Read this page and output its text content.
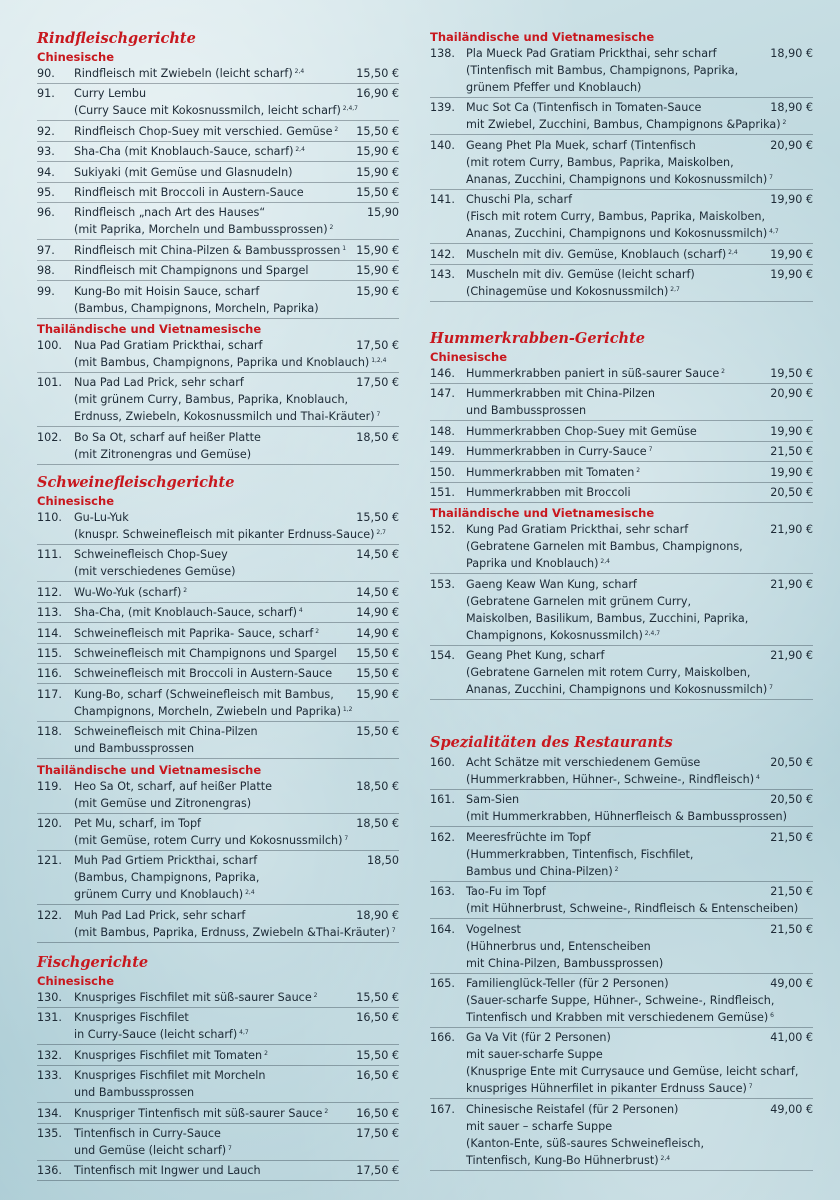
Rindfleischgerichte
Chinesische
90. Rindfleisch mit Zwiebeln (leicht scharf) $^{2,4}$	15,50 €
91. Curry Lembu
(Curry Sauce mit Kokosnussmilch, leicht scharf) $^{2,4,7}$
16,90 €
92. Rindfleisch Chop-Suey mit verschied. Gemüse $^2$ 15,50 €
93. Sha-Cha (mit Knoblauch-Sauce, scharf) $^{2,4}$	15,90 €
94. Sukiyaki (mit Gemüse und Glasnudeln)	15,90 €
95. Rindfleisch mit Broccoli in Austern-Sauce	15,50 €
96. Rindfleisch „nach Art des Hauses“
(mit Paprika, Morcheln und Bambussprossen) $^2$
15,90
97. Rindfleisch mit China-Pilzen & Bambussprossen $^1$ 15,90 €
98. Rindfleisch mit Champignons und Spargel	15,90 €
99. Kung-Bo mit Hoisin Sauce, scharf
(Bambus, Champignons, Morcheln, Paprika)
15,90 €
Thailändische und Vietnamesische
100. Nua Pad Gratiam Prickthai, scharf
(mit Bambus, Champignons, Paprika und Knoblauch) $^{1,2,4}$
17,50 €
101. Nua Pad Lad Prick, sehr scharf
(mit grünem Curry, Bambus, Paprika, Knoblauch,
Erdnuss, Zwiebeln, Kokosnussmilch und Thai-Kräuter) $^7$
17,50 €
102. Bo Sa Ot, scharf auf heißer Platte
(mit Zitronengras und Gemüse)
18,50 €
Schweinefleischgerichte
Chinesische
110. Gu-Lu-Yuk
(knuspr. Schweinefleisch mit pikanter Erdnuss-Sauce) $^{2,7}$
15,50 €
111. Schweinefleisch Chop-Suey
(mit verschiedenes Gemüse)
14,50 €
112. Wu-Wo-Yuk (scharf) $^2$	14,50 €
113. Sha-Cha, (mit Knoblauch-Sauce, scharf) $^4$	14,90 €
114. Schweinefleisch mit Paprika- Sauce, scharf $^2$	14,90 €
115. Schweinefleisch mit Champignons und Spargel 15,50 €
116. Schweinefleisch mit Broccoli in Austern-Sauce 15,50 €
117. Kung-Bo, scharf (Schweinefleisch mit Bambus,
Champignons, Morcheln, Zwiebeln und Paprika) $^{1,2}$
15,90 €
118. Schweinefleisch mit China-Pilzen
und Bambussprossen
15,50 €
Thailändische und Vietnamesische
119. Heo Sa Ot, scharf, auf heißer Platte
(mit Gemüse und Zitronengras)
18,50 €
120. Pet Mu, scharf, im Topf
(mit Gemüse, rotem Curry und Kokosnussmilch) $^7$
18,50 €
121. Muh Pad Grtiem Prickthai, scharf
(Bambus, Champignons, Paprika,
grünem Curry und Knoblauch) $^{2,4}$
18,50
122. Muh Pad Lad Prick, sehr scharf
(mit Bambus, Paprika, Erdnuss, Zwiebeln &Thai-Kräuter) $^7$
18,90 €
Fischgerichte
Chinesische
130. Knuspriges Fischfilet mit süß-saurer Sauce $^2$	15,50 €
131. Knuspriges Fischfilet
in Curry-Sauce (leicht scharf) $^{4,7}$
16,50 €
132. Knuspriges Fischfilet mit Tomaten $^2$	15,50 €
133. Knuspriges Fischfilet mit Morcheln
und Bambussprossen
16,50 €
134. Knuspriger Tintenfisch mit süß-saurer Sauce $^2$	16,50 €
135. Tintenfisch in Curry-Sauce
und Gemüse (leicht scharf) $^7$
17,50 €
136. Tintenfisch mit Ingwer und Lauch	17,50 €
Thailändische und Vietnamesische
138. Pla Mueck Pad Gratiam Prickthai, sehr scharf
(Tintenfisch mit Bambus, Champignons, Paprika,
grünem Pfeffer und Knoblauch)
18,90 €
139. Muc Sot Ca (Tintenfisch in Tomaten-Sauce
mit Zwiebel, Zucchini, Bambus, Champignons &Paprika) $^2$
18,90 €
140. Geang Phet Pla Muek, scharf (Tintenfisch
(mit rotem Curry, Bambus, Paprika, Maiskolben,
Ananas, Zucchini, Champignons und Kokosnussmilch) $^7$
20,90 €
141. Chuschi Pla, scharf
(Fisch mit rotem Curry, Bambus, Paprika, Maiskolben,
Ananas, Zucchini, Champignons und Kokosnussmilch) $^{4,7}$
19,90 €
142. Muscheln mit div. Gemüse, Knoblauch (scharf) $^{2,4}$	19,90 €
143. Muscheln mit div. Gemüse (leicht scharf)
(Chinagemüse und Kokosnussmilch) $^{2,7}$
19,90 €
Hummerkrabben-Gerichte
Chinesische
146. Hummerkrabben paniert in süß-saurer Sauce $^2$	19,50 €
147. Hummerkrabben mit China-Pilzen
und Bambussprossen
20,90 €
148. Hummerkrabben Chop-Suey mit Gemüse	19,90 €
149. Hummerkrabben in Curry-Sauce $^7$	21,50 €
150. Hummerkrabben mit Tomaten $^2$	19,90 €
151. Hummerkrabben mit Broccoli	20,50 €
Thailändische und Vietnamesische
152. Kung Pad Gratiam Prickthai, sehr scharf
(Gebratene Garnelen mit Bambus, Champignons,
Paprika und Knoblauch) $^{2,4}$
21,90 €
153. Gaeng Keaw Wan Kung, scharf
(Gebratene Garnelen mit grünem Curry,
Maiskolben, Basilikum, Bambus, Zucchini, Paprika,
Champignons, Kokosnussmilch) $^{2,4,7}$
21,90 €
154. Geang Phet Kung, scharf
(Gebratene Garnelen mit rotem Curry, Maiskolben,
Ananas, Zucchini, Champignons und Kokosnussmilch) $^7$
21,90 €
Spezialitäten des Restaurants
160. Acht Schätze mit verschiedenem Gemüse
(Hummerkrabben, Hühner-, Schweine-, Rindfleisch) $^4$
20,50 €
161. Sam-Sien
(mit Hummerkrabben, Hühnerfleisch & Bambussprossen)
20,50 €
162. Meeresfrüchte im Topf
(Hummerkrabben, Tintenfisch, Fischfilet,
Bambus und China-Pilzen) $^2$
21,50 €
163. Tao-Fu im Topf
(mit Hühnerbrust, Schweine-, Rindfleisch & Entenscheiben)
21,50 €
164. Vogelnest
(Hühnerbrus und, Entenscheiben
mit China-Pilzen, Bambussprossen)
21,50 €
165. Familienglück-Teller (für 2 Personen)
(Sauer-scharfe Suppe, Hühner-, Schweine-, Rindfleisch,
Tintenfisch und Krabben mit verschiedenem Gemüse) $^6$
49,00 €
166. Ga Va Vit (für 2 Personen)
mit sauer-scharfe Suppe
(Knusprige Ente mit Currysauce und Gemüse, leicht scharf,
knuspriges Hühnerfilet in pikanter Erdnuss Sauce) $^7$
41,00 €
167. Chinesische Reistafel (für 2 Personen)
mit sauer – scharfe Suppe
(Kanton-Ente, süß-saures Schweinefleisch,
Tintenfisch, Kung-Bo Hühnerbrust) $^{2,4}$
49,00 €
